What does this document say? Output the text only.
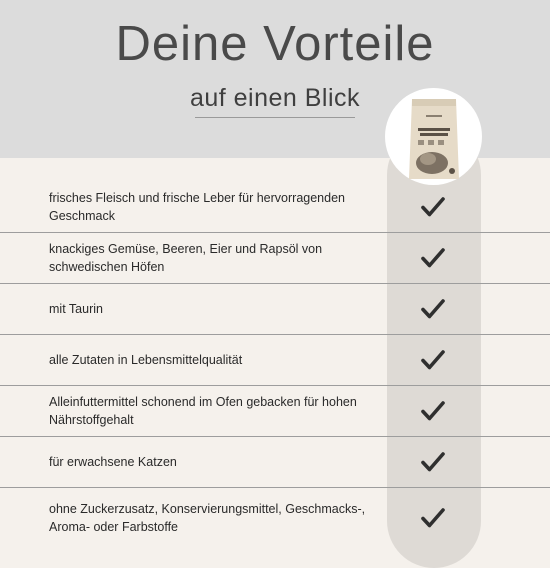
Deine Vorteile
auf einen Blick
frisches Fleisch und frische Leber für hervorragenden Geschmack
knackiges Gemüse, Beeren, Eier und Rapsöl von schwedischen Höfen
mit Taurin
alle Zutaten in Lebensmittelqualität
Alleinfuttermittel schonend im Ofen gebacken für hohen Nährstoffgehalt
für erwachsene Katzen
ohne Zuckerzusatz, Konservierungsmittel, Geschmacks-, Aroma- oder Farbstoffe
